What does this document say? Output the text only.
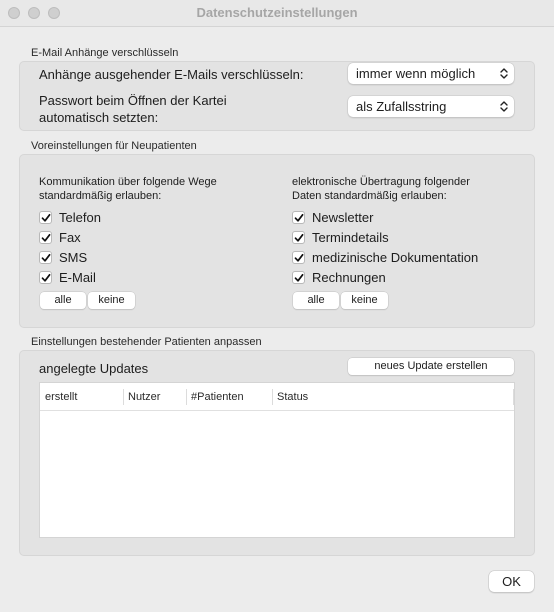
Datenschutzeinstellungen
E-Mail Anhänge verschlüsseln
Anhänge ausgehender E-Mails verschlüsseln:	immer wenn möglich
Passwort beim Öffnen der Kartei
automatisch setzten:
als Zufallsstring
Voreinstellungen für Neupatienten
Kommunikation über folgende Wege
standardmäßig erlauben:
Telefon
Fax
SMS
E-Mail
alle	keine
elektronische Übertragung folgender
Daten standardmäßig erlauben:
Newsletter
Termindetails
medizinische Dokumentation
Rechnungen
alle	keine
Einstellungen bestehender Patienten anpassen
angelegte Updates	neues Update erstellen
erstellt	Nutzer	#Patienten	Status
OK
